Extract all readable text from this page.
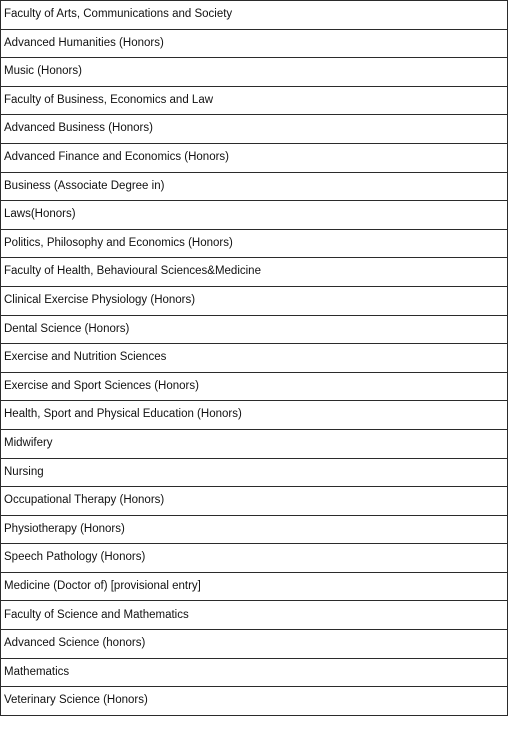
Faculty of Arts, Communications and Society
Advanced Humanities (Honors)
Music (Honors)
Faculty of Business, Economics and Law
Advanced Business (Honors)
Advanced Finance and Economics (Honors)
Business (Associate Degree in)
Laws(Honors)
Politics, Philosophy and Economics (Honors)
Faculty of Health, Behavioural Sciences&Medicine
Clinical Exercise Physiology (Honors)
Dental Science (Honors)
Exercise and Nutrition Sciences
Exercise and Sport Sciences (Honors)
Health, Sport and Physical Education (Honors)
Midwifery
Nursing
Occupational Therapy (Honors)
Physiotherapy (Honors)
Speech Pathology (Honors)
Medicine (Doctor of) [provisional entry]
Faculty of Science and Mathematics
Advanced Science (honors)
Mathematics
Veterinary Science (Honors)
